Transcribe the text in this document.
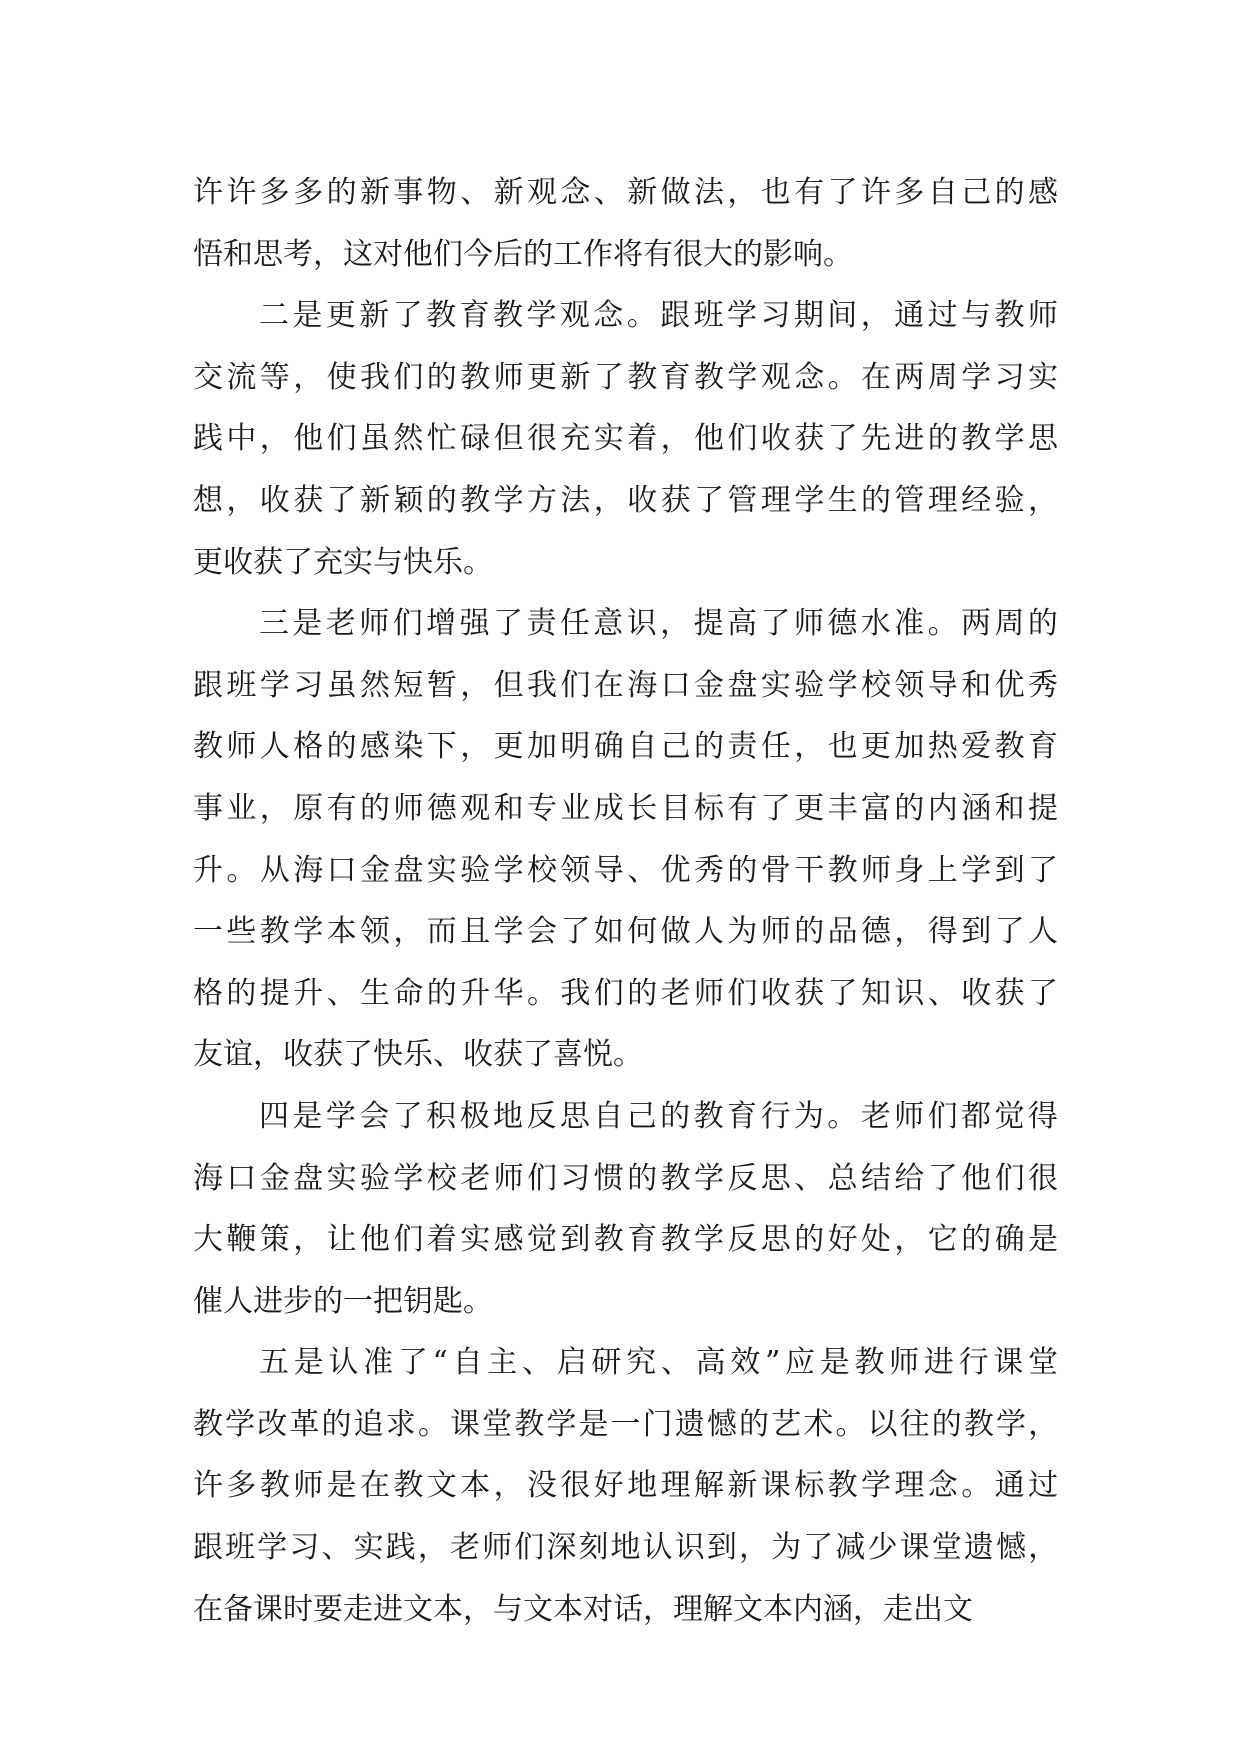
许许多多的新事物、新观念、新做法，也有了许多自己的感
悟和思考，这对他们今后的工作将有很大的影响。
二是更新了教育教学观念。跟班学习期间，通过与教师
交流等，使我们的教师更新了教育教学观念。在两周学习实
践中，他们虽然忙碌但很充实着，他们收获了先进的教学思
想，收获了新颖的教学方法，收获了管理学生的管理经验，
更收获了充实与快乐。
三是老师们增强了责任意识，提高了师德水准。两周的
跟班学习虽然短暂，但我们在海口金盘实验学校领导和优秀
教师人格的感染下，更加明确自己的责任，也更加热爱教育
事业，原有的师德观和专业成长目标有了更丰富的内涵和提
升。从海口金盘实验学校领导、优秀的骨干教师身上学到了
一些教学本领，而且学会了如何做人为师的品德，得到了人
格的提升、生命的升华。我们的老师们收获了知识、收获了
友谊，收获了快乐、收获了喜悦。
四是学会了积极地反思自己的教育行为。老师们都觉得
海口金盘实验学校老师们习惯的教学反思、总结给了他们很
大鞭策，让他们着实感觉到教育教学反思的好处，它的确是
催人进步的一把钥匙。
五是认准了“自主、启研究、高效”应是教师进行课堂
教学改革的追求。课堂教学是一门遗憾的艺术。以往的教学，
许多教师是在教文本，没很好地理解新课标教学理念。通过
跟班学习、实践，老师们深刻地认识到，为了减少课堂遗憾，
在备课时要走进文本，与文本对话，理解文本内涵，走出文
